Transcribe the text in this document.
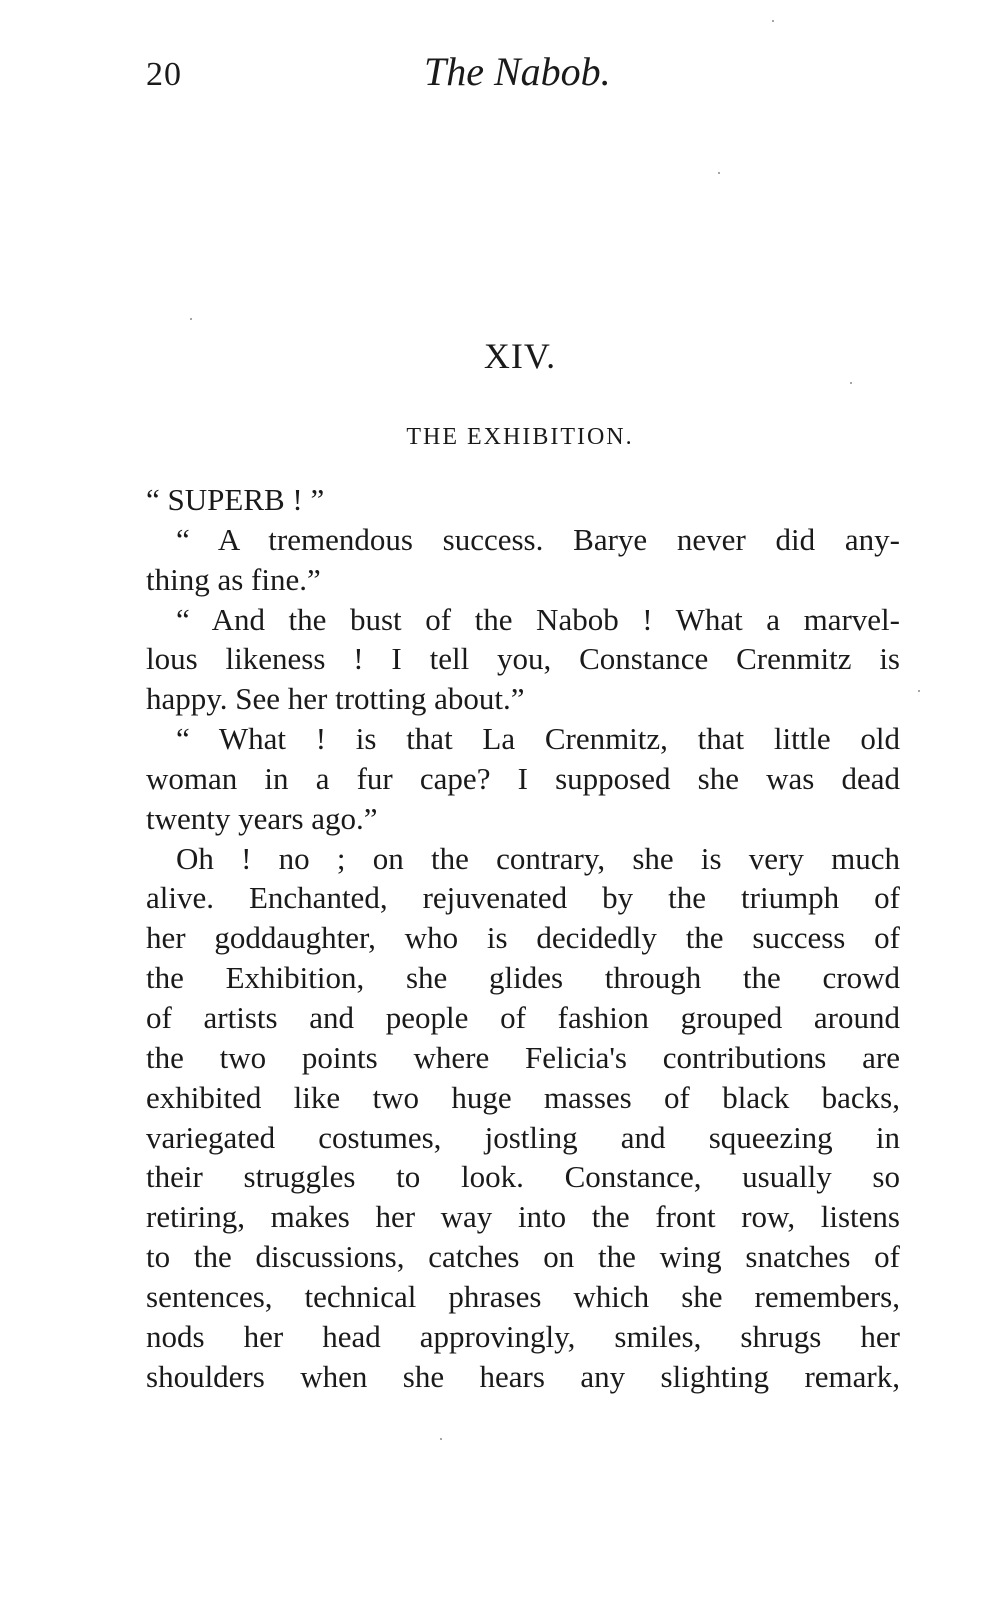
20	The Nabob.
XIV.
THE EXHIBITION.
“ SUPERB ! ”
“ A tremendous success. Barye never did any-
thing as fine.”
“ And the bust of the Nabob ! What a marvel-
lous likeness ! I tell you, Constance Crenmitz is
happy. See her trotting about.”
“ What ! is that La Crenmitz, that little old
woman in a fur cape? I supposed she was dead
twenty years ago.”
Oh ! no ; on the contrary, she is very much
alive. Enchanted, rejuvenated by the triumph of
her goddaughter, who is decidedly the success of
the Exhibition, she glides through the crowd
of artists and people of fashion grouped around
the two points where Felicia's contributions are
exhibited like two huge masses of black backs,
variegated costumes, jostling and squeezing in
their struggles to look. Constance, usually so
retiring, makes her way into the front row, listens
to the discussions, catches on the wing snatches of
sentences, technical phrases which she remembers,
nods her head approvingly, smiles, shrugs her
shoulders when she hears any slighting remark,
